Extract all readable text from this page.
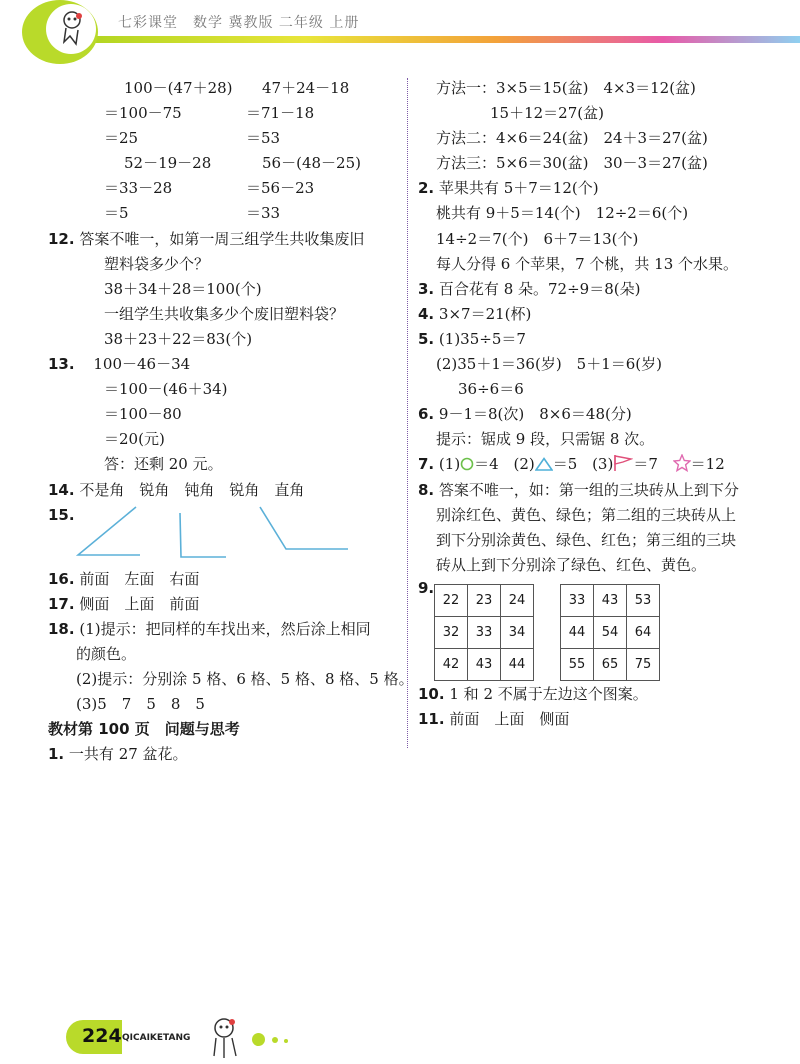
七彩课堂　数学 冀教版 二年级 上册
100－(47＋28) 47＋24－18
＝100－75	＝71－18
＝25	＝53
52－19－28	56－(48－25)
＝33－28	＝56－23
＝5	＝33
12. 答案不唯一，如第一周三组学生共收集废旧
塑料袋多少个？
38＋34＋28＝100(个)
一组学生共收集多少个废旧塑料袋？
38＋23＋22＝83(个)
13. 100－46－34
＝100－(46＋34)
＝100－80
＝20(元)
答：还剩 20 元。
14. 不是角　锐角　钝角　锐角　直角
15.
16. 前面　左面　右面
17. 侧面　上面　前面
18. (1)提示：把同样的车找出来，然后涂上相同
的颜色。
(2)提示：分别涂 5 格、6 格、5 格、8 格、5 格。
(3)5　7　5　8　5
教材第 100 页　问题与思考
1. 一共有 27 盆花。
方法一：3×5＝15(盆)　4×3＝12(盆)
15＋12＝27(盆)
方法二：4×6＝24(盆)　24＋3＝27(盆)
方法三：5×6＝30(盆)　30－3＝27(盆)
2. 苹果共有 5＋7＝12(个)
桃共有 9＋5＝14(个)　12÷2＝6(个)
14÷2＝7(个)　6＋7＝13(个)
每人分得 6 个苹果，7 个桃，共 13 个水果。
3. 百合花有 8 朵。72÷9＝8(朵)
4. 3×7＝21(杯)
5. (1)35÷5＝7
(2)35＋1＝36(岁)　5＋1＝6(岁)
36÷6＝6
6. 9－1＝8(次)　8×6＝48(分)
提示：锯成 9 段，只需锯 8 次。
7. (1) ＝4 (2) ＝5 (3) ＝7 ＝12
8. 答案不唯一，如：第一组的三块砖从上到下分
别涂红色、黄色、绿色；第二组的三块砖从上
到下分别涂黄色、绿色、红色；第三组的三块
砖从上到下分别涂了绿色、红色、黄色。
9.
22	23	24
32	33	34
42	43	44
33	43	53
44	54	64
55	65	75
10. 1 和 2 不属于左边这个图案。
11. 前面　上面　侧面
224 QICAIKETANG
